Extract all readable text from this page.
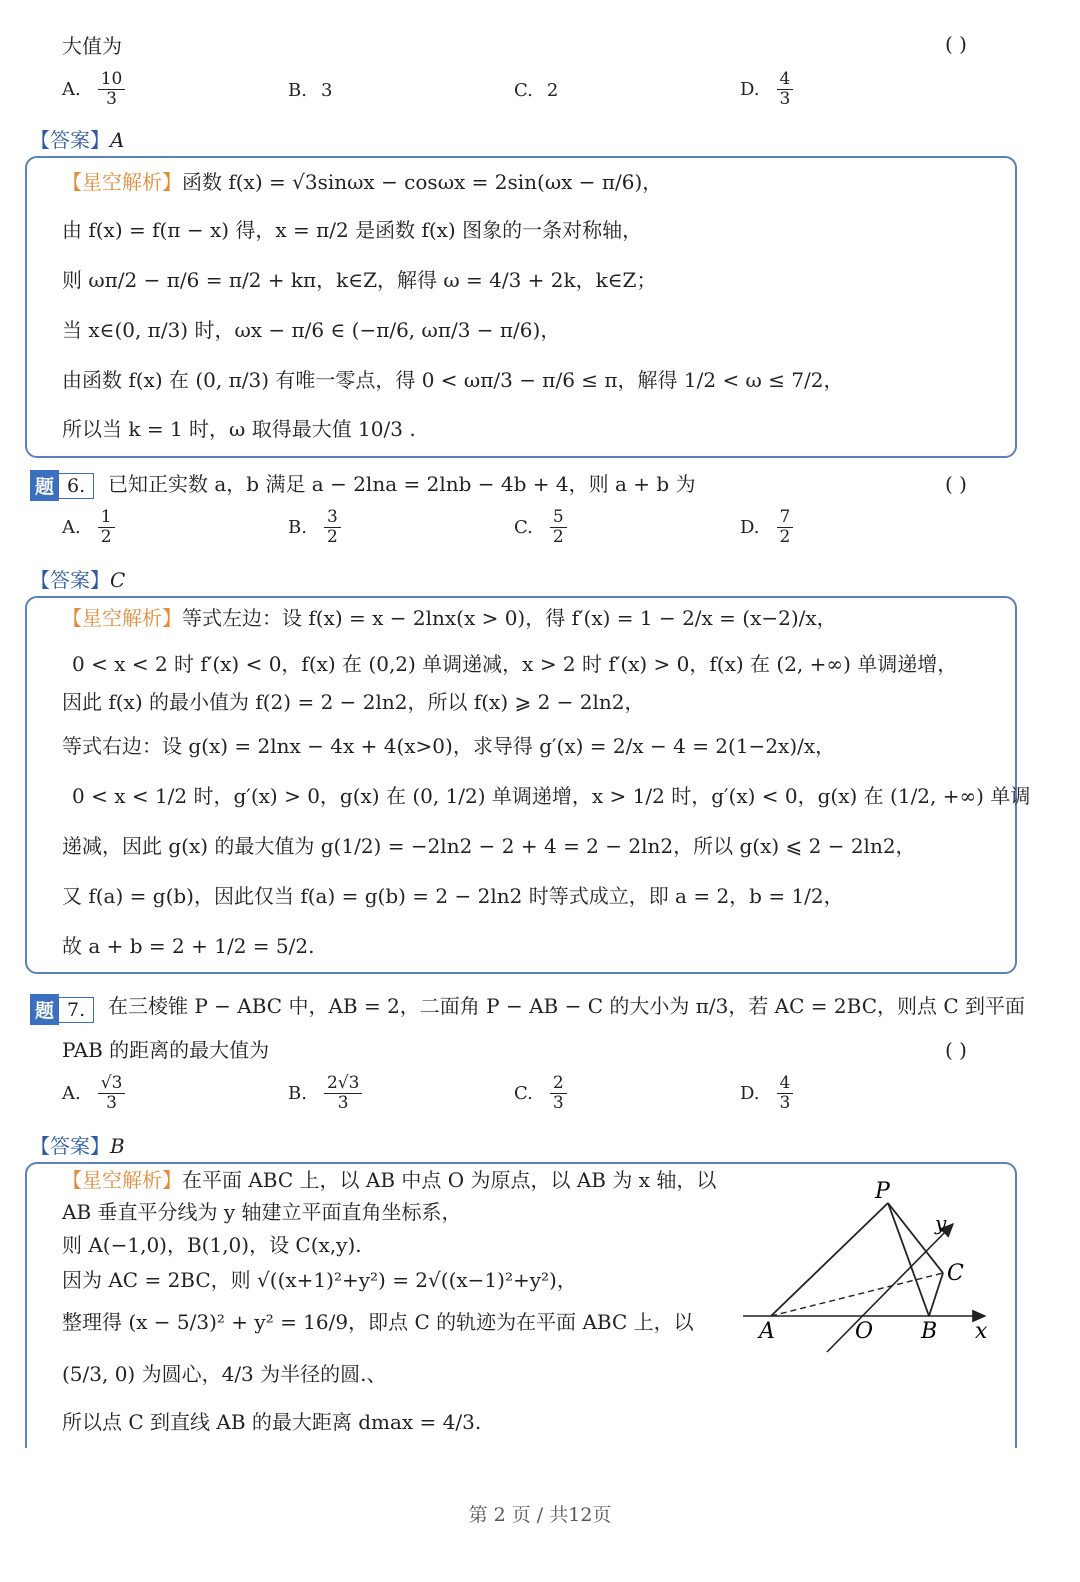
大值为	( )
A. $\frac{10}{3}$	B. 3	C. 2	D. $\frac{4}{3}$
【答案】A
【星空解析】函数 f(x) = √3sinωx − cosωx = 2sin(ωx − π/6)，
由 f(x) = f(π − x) 得，x = π/2 是函数 f(x) 图象的一条对称轴，
则 ωπ/2 − π/6 = π/2 + kπ，k∈Z，解得 ω = 4/3 + 2k，k∈Z；
当 x∈(0, π/3) 时，ωx − π/6 ∈ (−π/6, ωπ/3 − π/6)，
由函数 f(x) 在 (0, π/3) 有唯一零点，得 0 < ωπ/3 − π/6 ≤ π，解得 1/2 < ω ≤ 7/2，
所以当 k = 1 时，ω 取得最大值 10/3 .
题 6.	已知正实数 a，b 满足 a − 2lna = 2lnb − 4b + 4，则 a + b 为	( )
A. $\frac{1}{2}$	B. $\frac{3}{2}$	C. $\frac{5}{2}$	D. $\frac{7}{2}$
【答案】C
【星空解析】等式左边：设 f(x) = x − 2lnx(x > 0)，得 f′(x) = 1 − 2/x = (x−2)/x，
0 < x < 2 时 f′(x) < 0，f(x) 在 (0,2) 单调递减，x > 2 时 f′(x) > 0，f(x) 在 (2, +∞) 单调递增，
因此 f(x) 的最小值为 f(2) = 2 − 2ln2，所以 f(x) ⩾ 2 − 2ln2，
等式右边：设 g(x) = 2lnx − 4x + 4(x>0)，求导得 g′(x) = 2/x − 4 = 2(1−2x)/x，
0 < x < 1/2 时，g′(x) > 0，g(x) 在 (0, 1/2) 单调递增，x > 1/2 时，g′(x) < 0，g(x) 在 (1/2, +∞) 单调
递减，因此 g(x) 的最大值为 g(1/2) = −2ln2 − 2 + 4 = 2 − 2ln2，所以 g(x) ⩽ 2 − 2ln2，
又 f(a) = g(b)，因此仅当 f(a) = g(b) = 2 − 2ln2 时等式成立，即 a = 2，b = 1/2，
故 a + b = 2 + 1/2 = 5/2.
题 7.	在三棱锥 P − ABC 中，AB = 2，二面角 P − AB − C 的大小为 π/3，若 AC = 2BC，则点 C 到平面
PAB 的距离的最大值为	( )
A. $\frac{√3}{3}$	B. $\frac{2√3}{3}$	C. $\frac{2}{3}$	D. $\frac{4}{3}$
【答案】B
【星空解析】在平面 ABC 上，以 AB 中点 O 为原点，以 AB 为 x 轴，以
AB 垂直平分线为 y 轴建立平面直角坐标系，
则 A(−1,0)，B(1,0)，设 C(x,y).
因为 AC = 2BC，则 √((x+1)²+y²) = 2√((x−1)²+y²)，
整理得 (x − 5/3)² + y² = 16/9，即点 C 的轨迹为在平面 ABC 上，以
(5/3, 0) 为圆心，4/3 为半径的圆.、
所以点 C 到直线 AB 的最大距离 dmax = 4/3.
P
y
C
A	O B x
第 2 页 / 共12页
